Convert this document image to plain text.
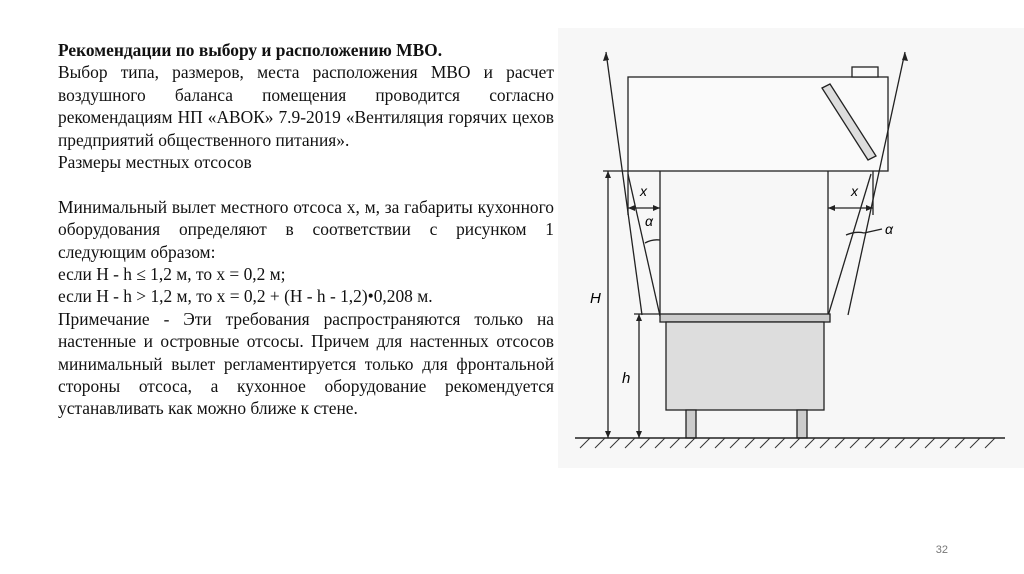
Рекомендации по выбору и расположению МВО.

Выбор типа, размеров, места расположения МВО и расчет воздушного баланса помещения проводится согласно рекомендациям НП «АВОК» 7.9-2019 «Вентиляция горячих цехов предприятий общественного питания».

Размеры местных отсосов

Минимальный вылет местного отсоса x, м, за габариты кухонного оборудования определяют в соответствии с рисунком 1 следующим образом:

если H - h ≤ 1,2 м, то x = 0,2 м;

если H - h > 1,2 м, то x = 0,2 + (H - h - 1,2)•0,208 м.

Примечание - Эти требования распространяются только на настенные и островные отсосы. Причем для настенных отсосов минимальный вылет регламентируется только для фронтальной стороны отсоса, а кухонное оборудование рекомендуется устанавливать как можно ближе к стене.

x	x
α	α
H
h
32
